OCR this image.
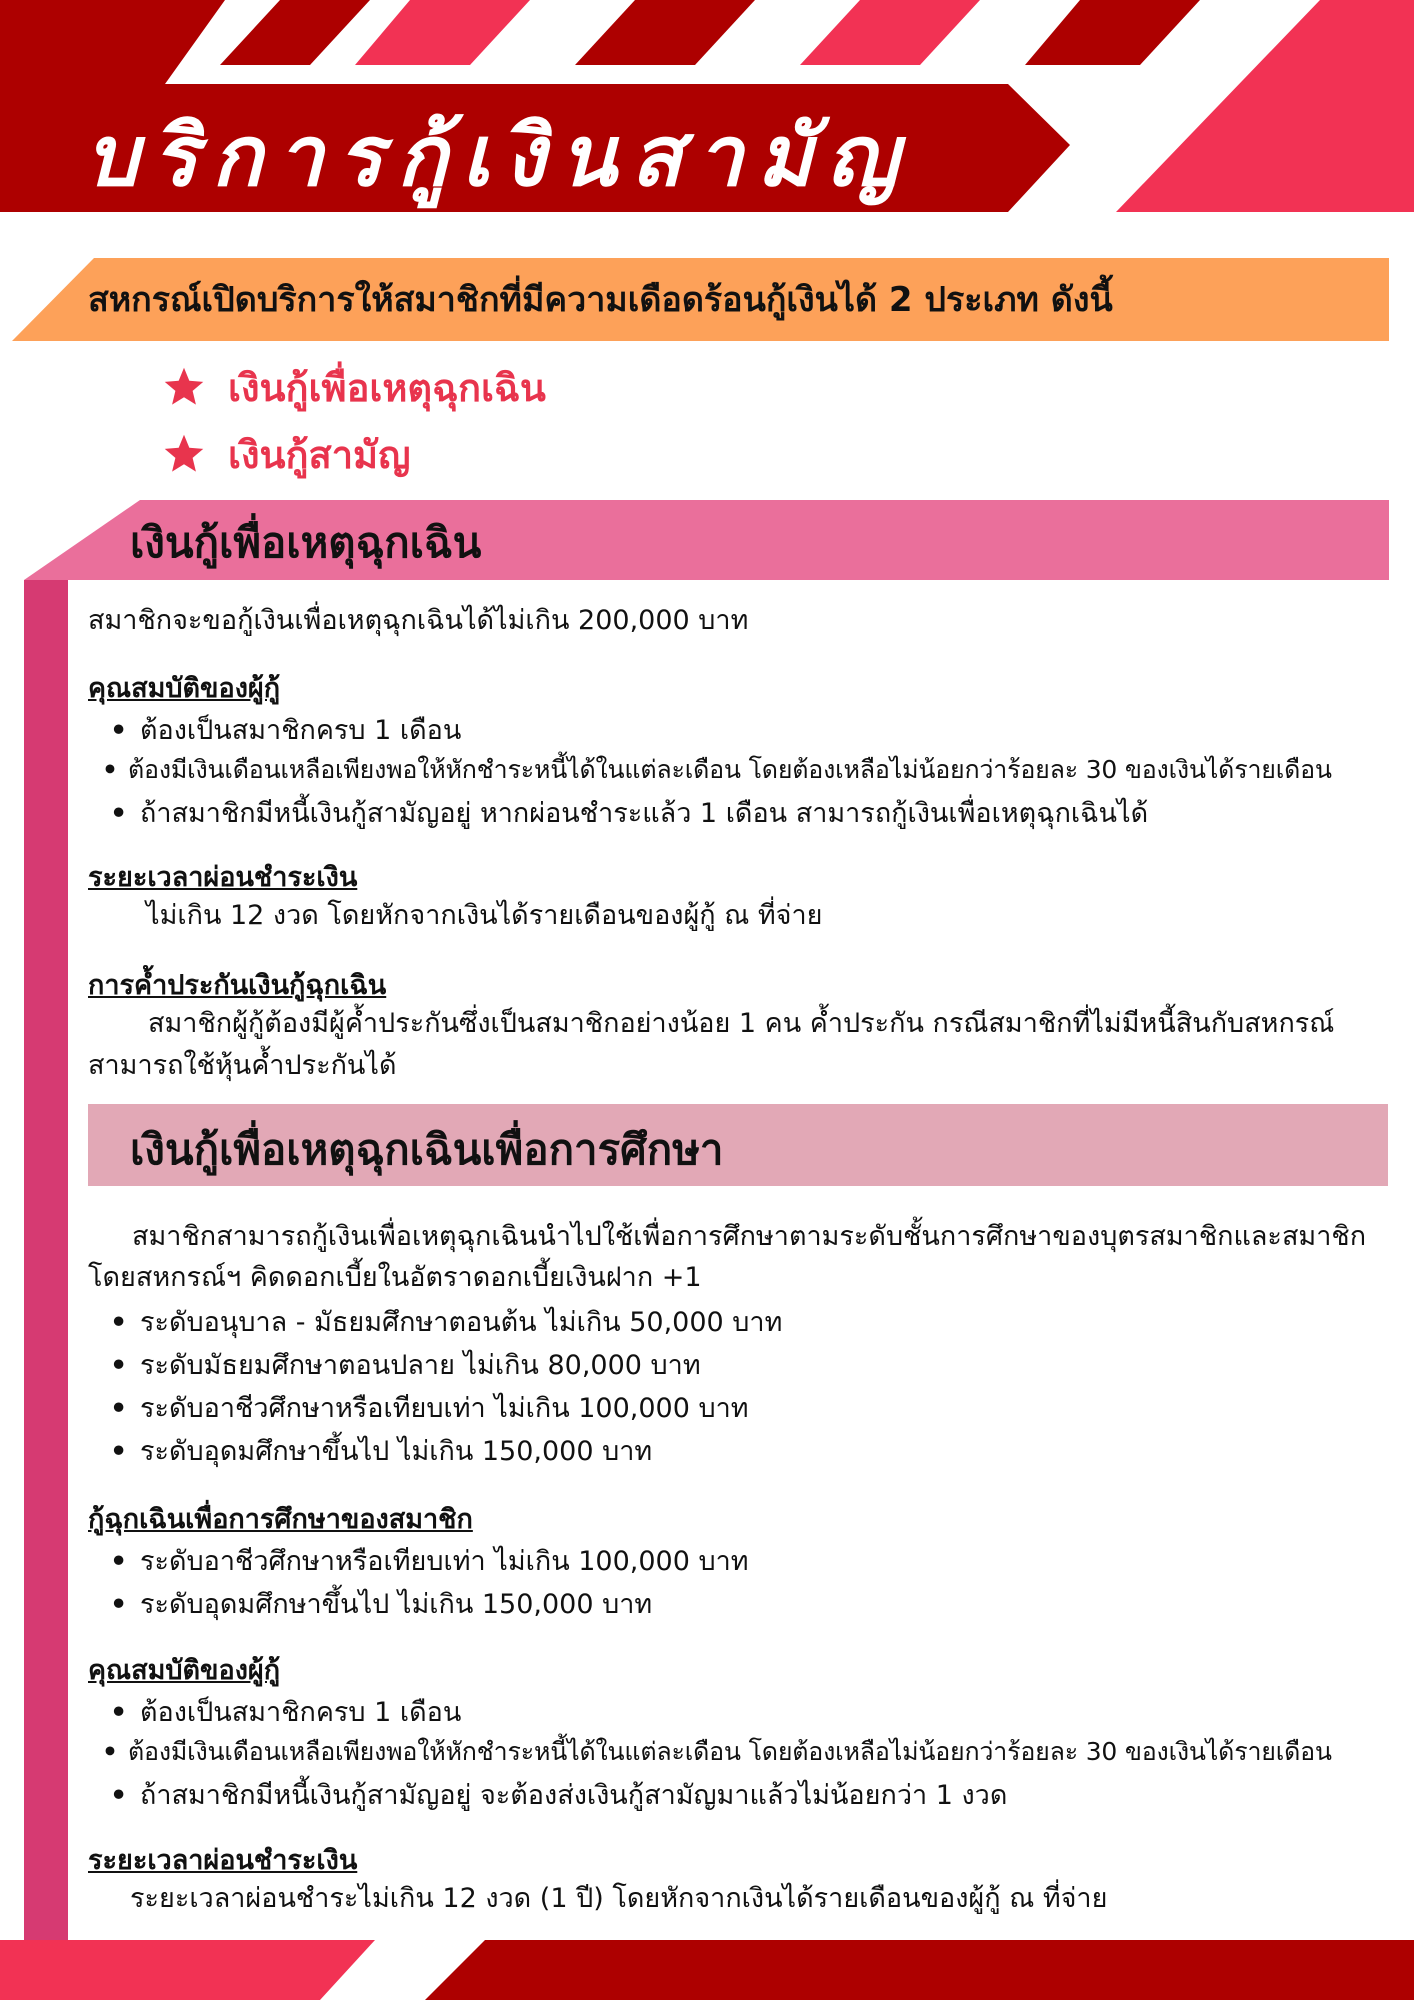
บริการกู้เงินสามัญ
สหกรณ์เปิดบริการให้สมาชิกที่มีความเดือดร้อนกู้เงินได้ 2 ประเภท ดังนี้
เงินกู้เพื่อเหตุฉุกเฉิน
เงินกู้สามัญ
เงินกู้เพื่อเหตุฉุกเฉิน
สมาชิกจะขอกู้เงินเพื่อเหตุฉุกเฉินได้ไม่เกิน 200,000 บาท
คุณสมบัติของผู้กู้
• ต้องเป็นสมาชิกครบ 1 เดือน
• ต้องมีเงินเดือนเหลือเพียงพอให้หักชำระหนี้ได้ในแต่ละเดือน โดยต้องเหลือไม่น้อยกว่าร้อยละ 30 ของเงินได้รายเดือน
• ถ้าสมาชิกมีหนี้เงินกู้สามัญอยู่ หากผ่อนชำระแล้ว 1 เดือน สามารถกู้เงินเพื่อเหตุฉุกเฉินได้
ระยะเวลาผ่อนชำระเงิน
ไม่เกิน 12 งวด โดยหักจากเงินได้รายเดือนของผู้กู้ ณ ที่จ่าย
การค้ำประกันเงินกู้ฉุกเฉิน
สมาชิกผู้กู้ต้องมีผู้ค้ำประกันซึ่งเป็นสมาชิกอย่างน้อย 1 คน ค้ำประกัน กรณีสมาชิกที่ไม่มีหนี้สินกับสหกรณ์
สามารถใช้หุ้นค้ำประกันได้
เงินกู้เพื่อเหตุฉุกเฉินเพื่อการศึกษา
สมาชิกสามารถกู้เงินเพื่อเหตุฉุกเฉินนำไปใช้เพื่อการศึกษาตามระดับชั้นการศึกษาของบุตรสมาชิกและสมาชิก
โดยสหกรณ์ฯ คิดดอกเบี้ยในอัตราดอกเบี้ยเงินฝาก +1
• ระดับอนุบาล - มัธยมศึกษาตอนต้น ไม่เกิน 50,000 บาท
• ระดับมัธยมศึกษาตอนปลาย ไม่เกิน 80,000 บาท
• ระดับอาชีวศึกษาหรือเทียบเท่า ไม่เกิน 100,000 บาท
• ระดับอุดมศึกษาขึ้นไป ไม่เกิน 150,000 บาท
กู้ฉุกเฉินเพื่อการศึกษาของสมาชิก
• ระดับอาชีวศึกษาหรือเทียบเท่า ไม่เกิน 100,000 บาท
• ระดับอุดมศึกษาขึ้นไป ไม่เกิน 150,000 บาท
คุณสมบัติของผู้กู้
• ต้องเป็นสมาชิกครบ 1 เดือน
• ต้องมีเงินเดือนเหลือเพียงพอให้หักชำระหนี้ได้ในแต่ละเดือน โดยต้องเหลือไม่น้อยกว่าร้อยละ 30 ของเงินได้รายเดือน
• ถ้าสมาชิกมีหนี้เงินกู้สามัญอยู่ จะต้องส่งเงินกู้สามัญมาแล้วไม่น้อยกว่า 1 งวด
ระยะเวลาผ่อนชำระเงิน
ระยะเวลาผ่อนชำระไม่เกิน 12 งวด (1 ปี) โดยหักจากเงินได้รายเดือนของผู้กู้ ณ ที่จ่าย
